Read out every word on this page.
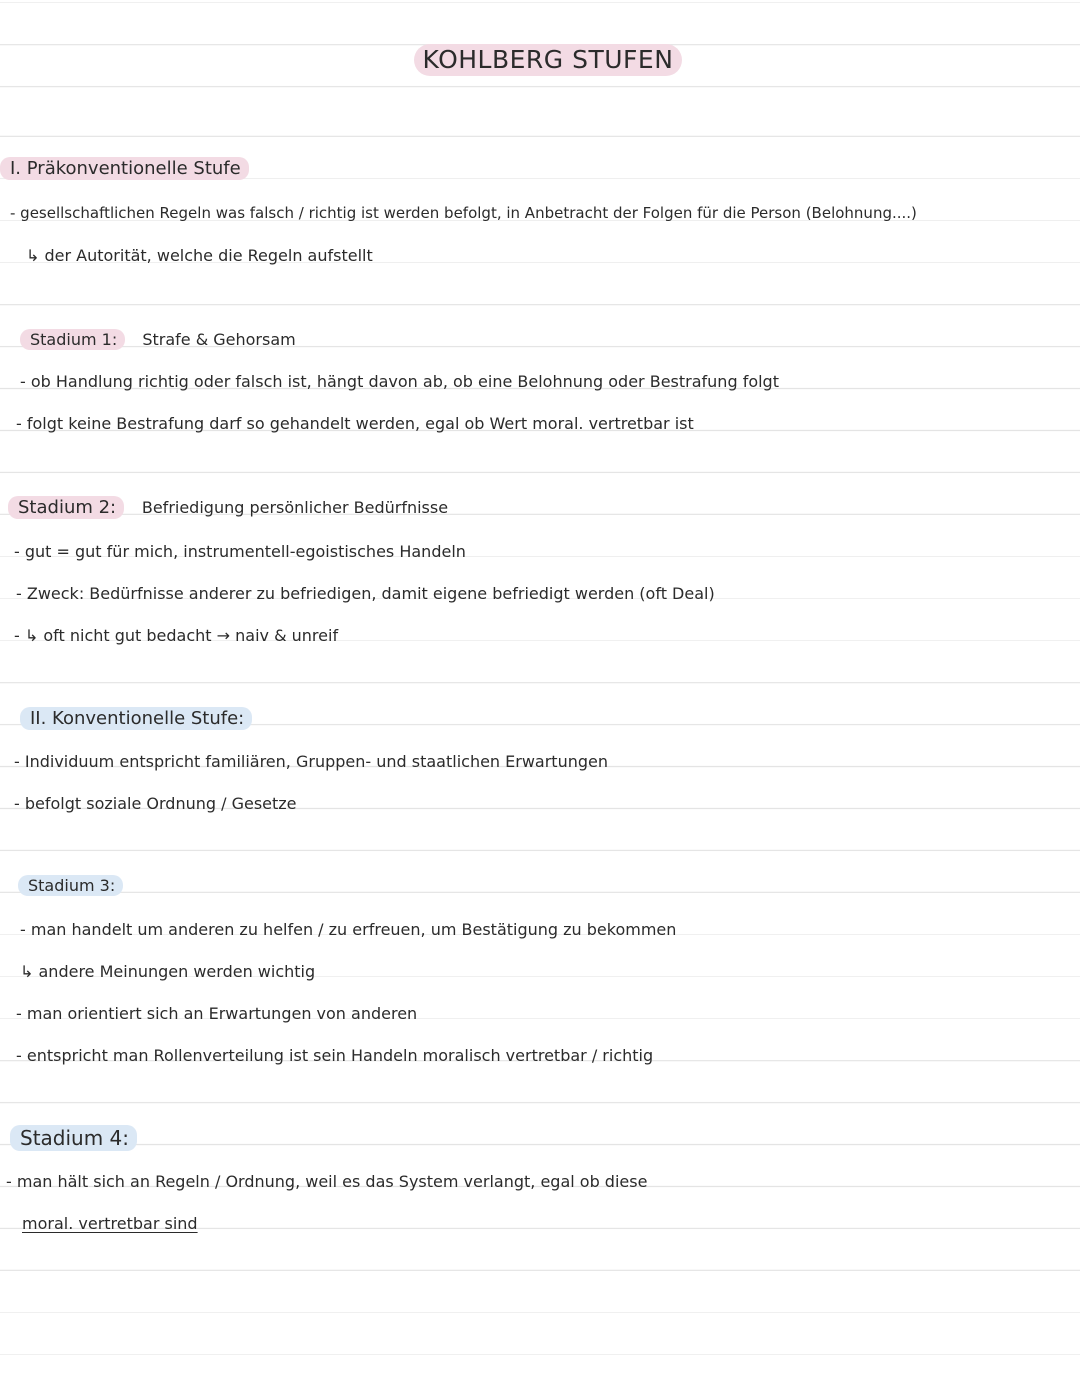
KOHLBERG STUFEN
I. Präkonventionelle Stufe
- gesellschaftlichen Regeln was falsch / richtig ist werden befolgt, in Anbetracht der Folgen für die Person (Belohnung....)
↳ der Autorität, welche die Regeln aufstellt
Stadium 1: Strafe & Gehorsam
- ob Handlung richtig oder falsch ist, hängt davon ab, ob eine Belohnung oder Bestrafung folgt
- folgt keine Bestrafung darf so gehandelt werden, egal ob Wert moral. vertretbar ist
Stadium 2: Befriedigung persönlicher Bedürfnisse
- gut = gut für mich, instrumentell-egoistisches Handeln
- Zweck: Bedürfnisse anderer zu befriedigen, damit eigene befriedigt werden (oft Deal)
- ↳ oft nicht gut bedacht → naiv & unreif
II. Konventionelle Stufe:
- Individuum entspricht familiären, Gruppen- und staatlichen Erwartungen
- befolgt soziale Ordnung / Gesetze
Stadium 3:
- man handelt um anderen zu helfen / zu erfreuen, um Bestätigung zu bekommen
↳ andere Meinungen werden wichtig
- man orientiert sich an Erwartungen von anderen
- entspricht man Rollenverteilung ist sein Handeln moralisch vertretbar / richtig
Stadium 4:
- man hält sich an Regeln / Ordnung, weil es das System verlangt, egal ob diese
moral. vertretbar sind
